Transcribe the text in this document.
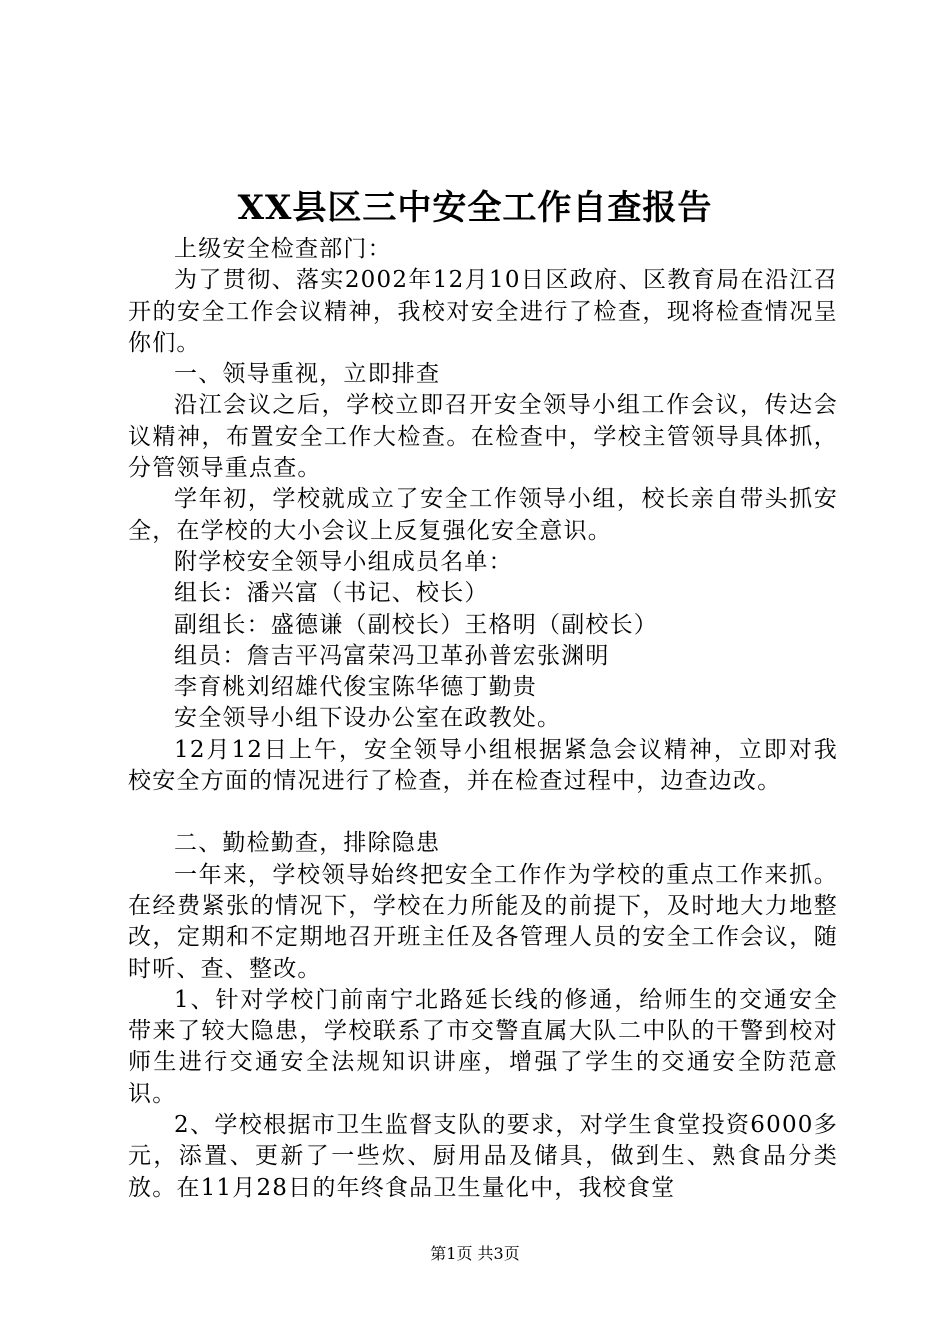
XX县区三中安全工作自查报告

上级安全检查部门：

为了贯彻、落实2002年12月10日区政府、区教育局在沿江召开的安全工作会议精神，我校对安全进行了检查，现将检查情况呈你们。

一、领导重视，立即排查

沿江会议之后，学校立即召开安全领导小组工作会议，传达会议精神，布置安全工作大检查。在检查中，学校主管领导具体抓，分管领导重点查。

学年初，学校就成立了安全工作领导小组，校长亲自带头抓安全，在学校的大小会议上反复强化安全意识。

附学校安全领导小组成员名单：

组长：潘兴富（书记、校长）

副组长：盛德谦（副校长）王格明（副校长）

组员：詹吉平冯富荣冯卫革孙普宏张渊明

李育桃刘绍雄代俊宝陈华德丁勤贵

安全领导小组下设办公室在政教处。

12月12日上午，安全领导小组根据紧急会议精神，立即对我校安全方面的情况进行了检查，并在检查过程中，边查边改。

二、勤检勤查，排除隐患

一年来，学校领导始终把安全工作作为学校的重点工作来抓。在经费紧张的情况下，学校在力所能及的前提下，及时地大力地整改，定期和不定期地召开班主任及各管理人员的安全工作会议，随时听、查、整改。

1、针对学校门前南宁北路延长线的修通，给师生的交通安全带来了较大隐患，学校联系了市交警直属大队二中队的干警到校对师生进行交通安全法规知识讲座，增强了学生的交通安全防范意识。

2、学校根据市卫生监督支队的要求，对学生食堂投资6000多元，添置、更新了一些炊、厨用品及储具，做到生、熟食品分类放。在11月28日的年终食品卫生量化中，我校食堂

第1页 共3页
